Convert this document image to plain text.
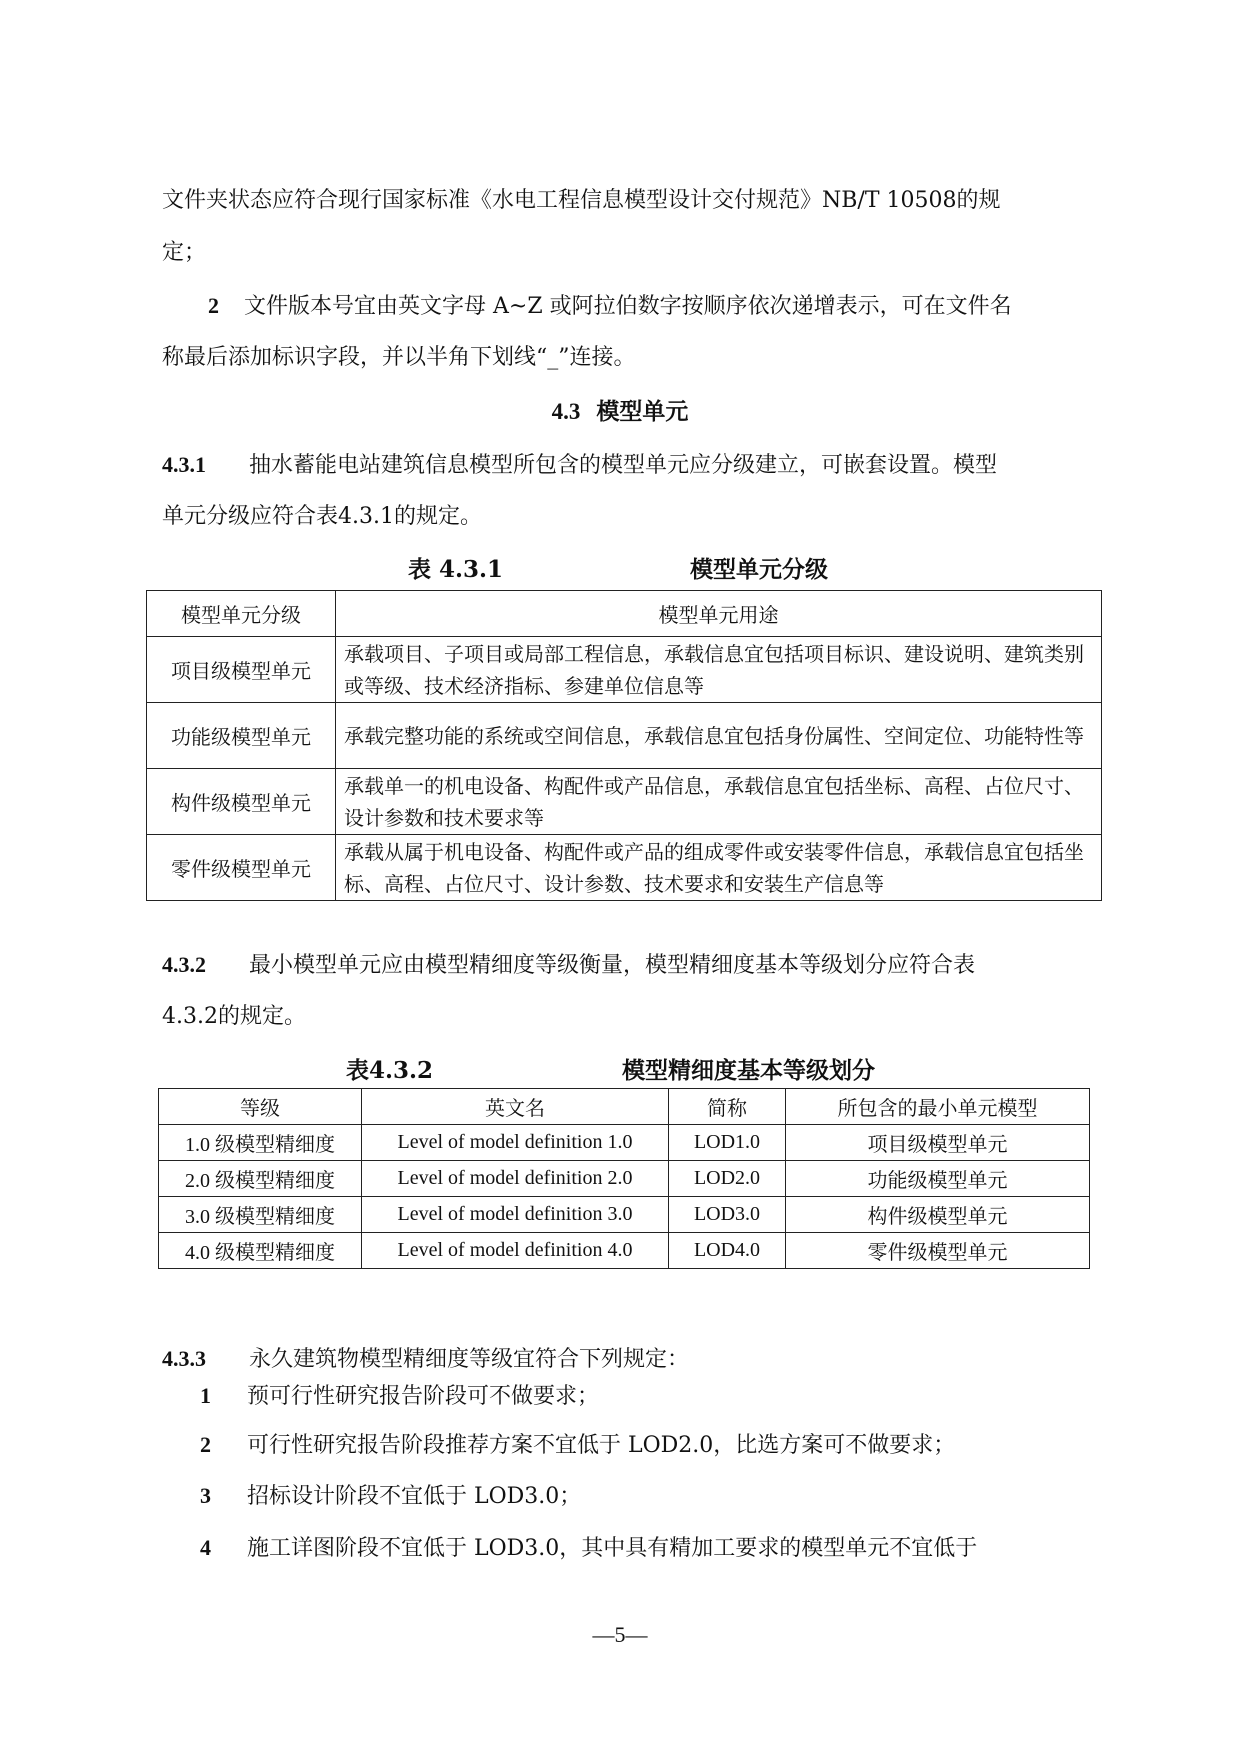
文件夹状态应符合现行国家标准《水电工程信息模型设计交付规范》NB/T 10508的规
定；
2 文件版本号宜由英文字母 A~Z 或阿拉伯数字按顺序依次递增表示，可在文件名
称最后添加标识字段，并以半角下划线“_”连接。
4.3 模型单元
4.3.1 抽水蓄能电站建筑信息模型所包含的模型单元应分级建立，可嵌套设置。模型
单元分级应符合表4.3.1的规定。
表 4.3.1	模型单元分级
模型单元分级	模型单元用途
项目级模型单元	承载项目、子项目或局部工程信息，承载信息宜包括项目标识、建设说明、建筑类别或等级、技术经济指标、参建单位信息等
功能级模型单元	承载完整功能的系统或空间信息，承载信息宜包括身份属性、空间定位、功能特性等
构件级模型单元	承载单一的机电设备、构配件或产品信息，承载信息宜包括坐标、高程、占位尺寸、设计参数和技术要求等
零件级模型单元	承载从属于机电设备、构配件或产品的组成零件或安装零件信息，承载信息宜包括坐标、高程、占位尺寸、设计参数、技术要求和安装生产信息等
4.3.2 最小模型单元应由模型精细度等级衡量，模型精细度基本等级划分应符合表
4.3.2的规定。
表4.3.2	模型精细度基本等级划分
等级	英文名	简称	所包含的最小单元模型
1.0 级模型精细度	Level of model definition 1.0	LOD1.0	项目级模型单元
2.0 级模型精细度	Level of model definition 2.0	LOD2.0	功能级模型单元
3.0 级模型精细度	Level of model definition 3.0	LOD3.0	构件级模型单元
4.0 级模型精细度	Level of model definition 4.0	LOD4.0	零件级模型单元
4.3.3 永久建筑物模型精细度等级宜符合下列规定：
1 预可行性研究报告阶段可不做要求；
2 可行性研究报告阶段推荐方案不宜低于 LOD2.0，比选方案可不做要求；
3 招标设计阶段不宜低于 LOD3.0；
4 施工详图阶段不宜低于 LOD3.0，其中具有精加工要求的模型单元不宜低于
—5—
